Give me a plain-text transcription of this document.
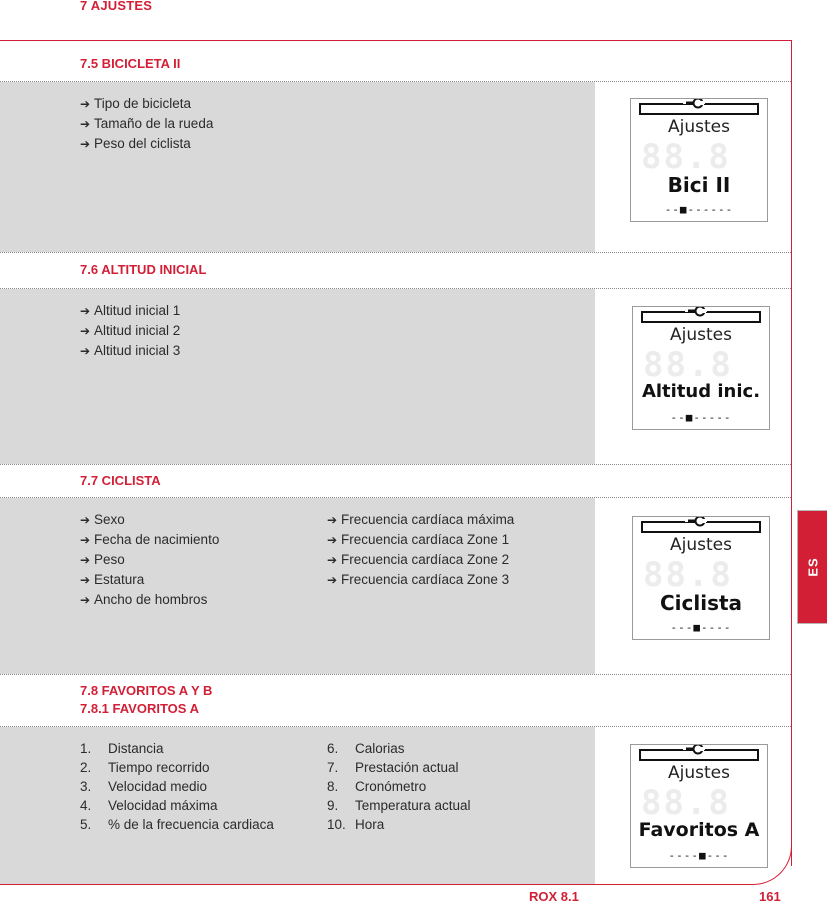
7 AJUSTES
7.5 BICICLETA II
➔ Tipo de bicicleta
➔ Tamaño de la rueda
➔ Peso del ciclista
Ajustes
88.8
Bici II
--■------
7.6 ALTITUD INICIAL
➔ Altitud inicial 1
➔ Altitud inicial 2
➔ Altitud inicial 3
Ajustes
88.8
Altitud inic.
--■-----
7.7 CICLISTA
➔ Sexo
➔ Fecha de nacimiento
➔ Peso
➔ Estatura
➔ Ancho de hombros
➔ Frecuencia cardíaca máxima
➔ Frecuencia cardíaca Zone 1
➔ Frecuencia cardíaca Zone 2
➔ Frecuencia cardíaca Zone 3
Ajustes
88.8
Ciclista
---■----
7.8 FAVORITOS A Y B
7.8.1 FAVORITOS A
1. Distancia
2. Tiempo recorrido
3. Velocidad medio
4. Velocidad máxima
5. % de la frecuencia cardiaca
6. Calorias
7. Prestación actual
8. Cronómetro
9. Temperatura actual
10. Hora
Ajustes
88.8
Favoritos A
----■---
ES
ROX 8.1	161
